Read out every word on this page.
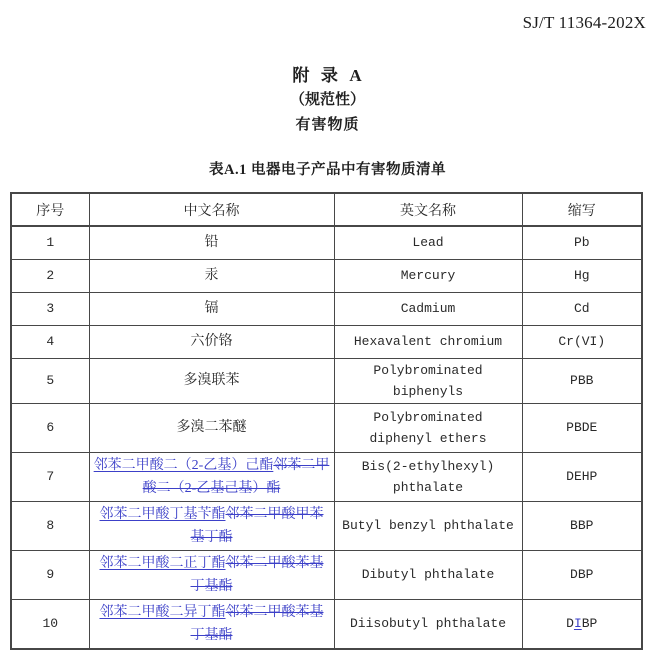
SJ/T 11364-202X
附  录  A
（规范性）
有害物质
表A.1 电器电子产品中有害物质清单
序号	中文名称	英文名称	缩写
1	铅	Lead	Pb
2	汞	Mercury	Hg
3	镉	Cadmium	Cd
4	六价铬	Hexavalent chromium	Cr(VI)
5	多溴联苯	Polybrominated biphenyls	PBB
6	多溴二苯醚	Polybrominated diphenyl ethers	PBDE
7	邻苯二甲酸二（2-乙基）己酯邻苯二甲酸二（2-乙基己基）酯	Bis(2-ethylhexyl) phthalate	DEHP
8	邻苯二甲酸丁基苄酯邻苯二甲酸甲苯基丁酯	Butyl benzyl phthalate	BBP
9	邻苯二甲酸二正丁酯邻苯二甲酸苯基丁基酯	Dibutyl phthalate	DBP
10	邻苯二甲酸二异丁酯邻苯二甲酸苯基丁基酯	Diisobutyl phthalate	DIBP
